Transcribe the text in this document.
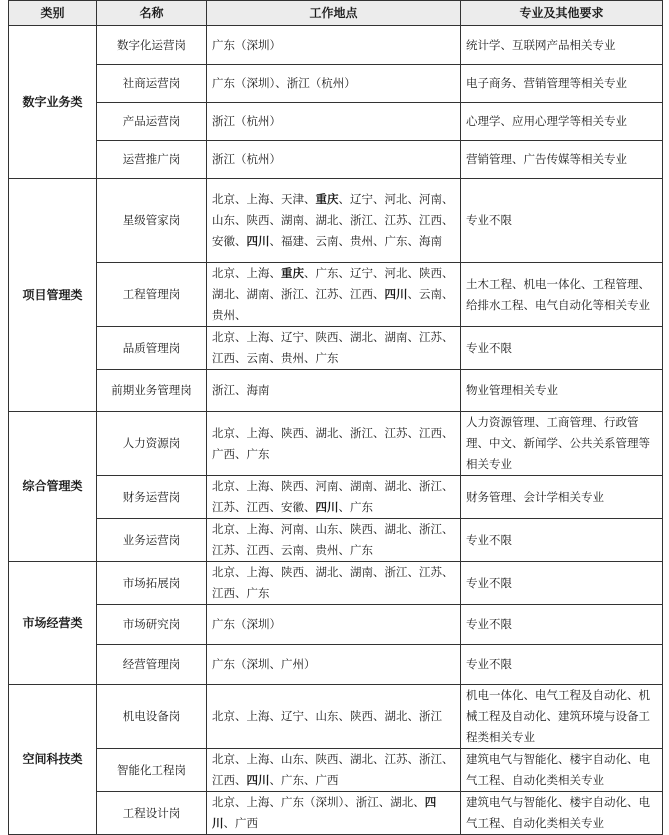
类别	名称	工作地点	专业及其他要求
数字业务类	数字化运营岗	广东（深圳）	统计学、互联网产品相关专业
	社商运营岗	广东（深圳）、浙江（杭州）	电子商务、营销管理等相关专业
	产品运营岗	浙江（杭州）	心理学、应用心理学等相关专业
	运营推广岗	浙江（杭州）	营销管理、广告传媒等相关专业
项目管理类	星级管家岗	北京、上海、天津、重庆、辽宁、河北、河南、山东、陕西、湖南、湖北、浙江、江苏、江西、安徽、四川、福建、云南、贵州、广东、海南	专业不限
	工程管理岗	北京、上海、重庆、广东、辽宁、河北、陕西、湖北、湖南、浙江、江苏、江西、四川、云南、贵州、	土木工程、机电一体化、工程管理、给排水工程、电气自动化等相关专业
	品质管理岗	北京、上海、辽宁、陕西、湖北、湖南、江苏、江西、云南、贵州、广东	专业不限
	前期业务管理岗	浙江、海南	物业管理相关专业
综合管理类	人力资源岗	北京、上海、陕西、湖北、浙江、江苏、江西、广西、广东	人力资源管理、工商管理、行政管理、中文、新闻学、公共关系管理等相关专业
	财务运营岗	北京、上海、陕西、河南、湖南、湖北、浙江、江苏、江西、安徽、四川、广东	财务管理、会计学相关专业
	业务运营岗	北京、上海、河南、山东、陕西、湖北、浙江、江苏、江西、云南、贵州、广东	专业不限
市场经营类	市场拓展岗	北京、上海、陕西、湖北、湖南、浙江、江苏、江西、广东	专业不限
	市场研究岗	广东（深圳）	专业不限
	经营管理岗	广东（深圳、广州）	专业不限
空间科技类	机电设备岗	北京、上海、辽宁、山东、陕西、湖北、浙江	机电一体化、电气工程及自动化、机械工程及自动化、建筑环境与设备工程类相关专业
	智能化工程岗	北京、上海、山东、陕西、湖北、江苏、浙江、江西、四川、广东、广西	建筑电气与智能化、楼宇自动化、电气工程、自动化类相关专业
	工程设计岗	北京、上海、广东（深圳）、浙江、湖北、四川、广西	建筑电气与智能化、楼宇自动化、电气工程、自动化类相关专业
